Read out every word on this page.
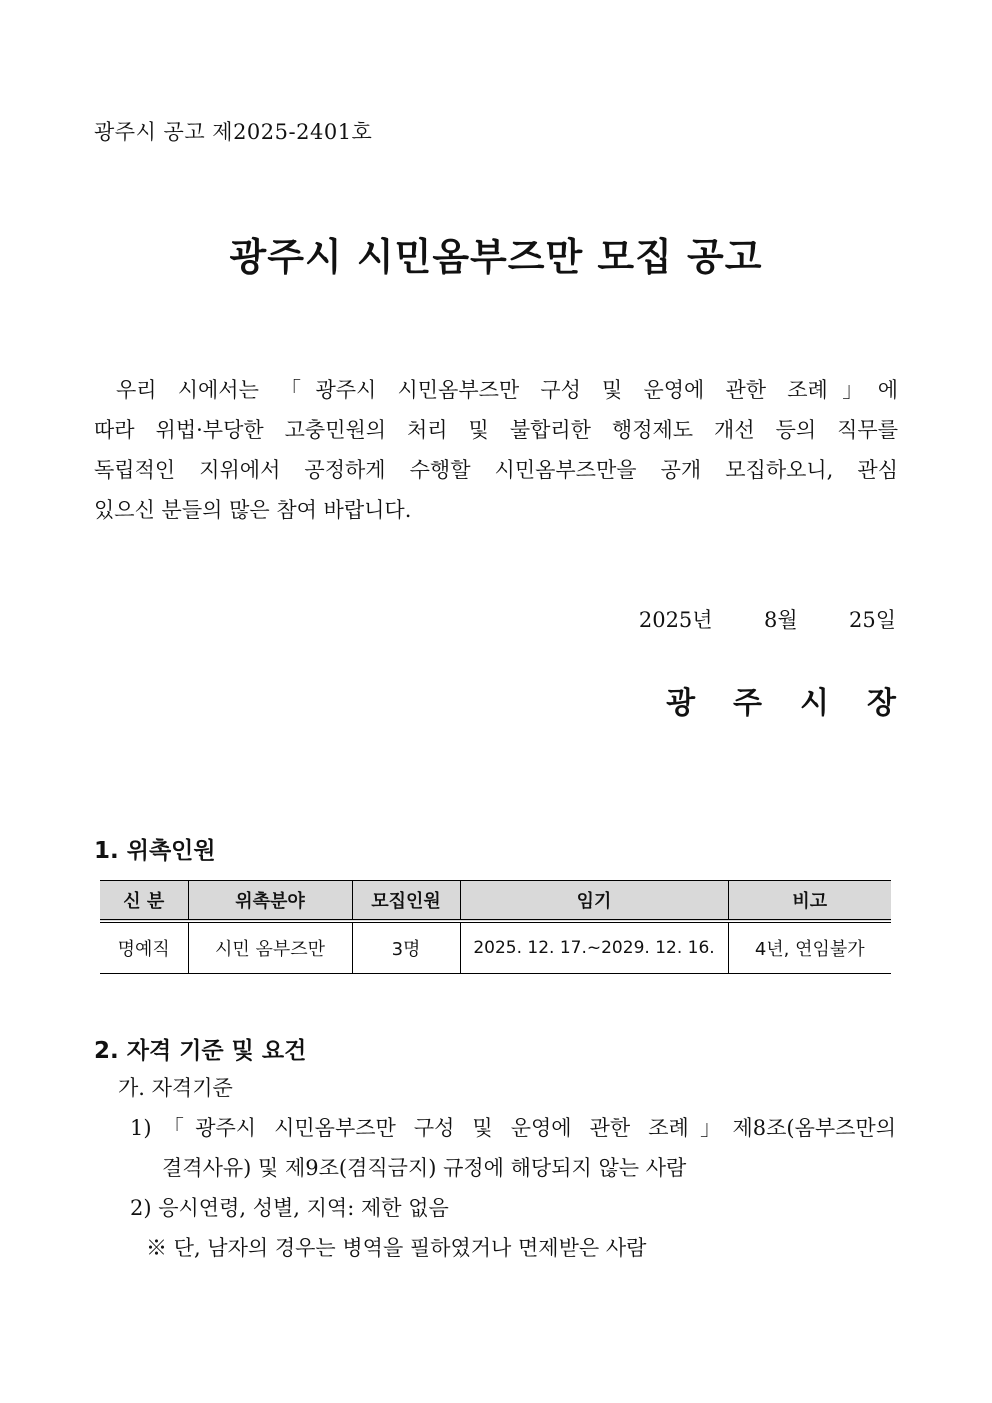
광주시 공고 제2025-2401호
광주시 시민옴부즈만 모집 공고
우리 시에서는 「광주시 시민옴부즈만 구성 및 운영에 관한 조례」에
따라 위법·부당한 고충민원의 처리 및 불합리한 행정제도 개선 등의 직무를
독립적인 지위에서 공정하게 수행할 시민옴부즈만을 공개 모집하오니, 관심
있으신 분들의 많은 참여 바랍니다.
2025년 8월 25일
광주시장
1. 위촉인원
신 분	위촉분야	모집인원	임기	비고
명예직	시민 옴부즈만	3명	2025. 12. 17.~2029. 12. 16.	4년, 연임불가
2. 자격 기준 및 요건
가. 자격기준
1)「광주시 시민옴부즈만 구성 및 운영에 관한 조례」제8조(옴부즈만의
결격사유) 및 제9조(겸직금지) 규정에 해당되지 않는 사람
2) 응시연령, 성별, 지역: 제한 없음
※ 단, 남자의 경우는 병역을 필하였거나 면제받은 사람
